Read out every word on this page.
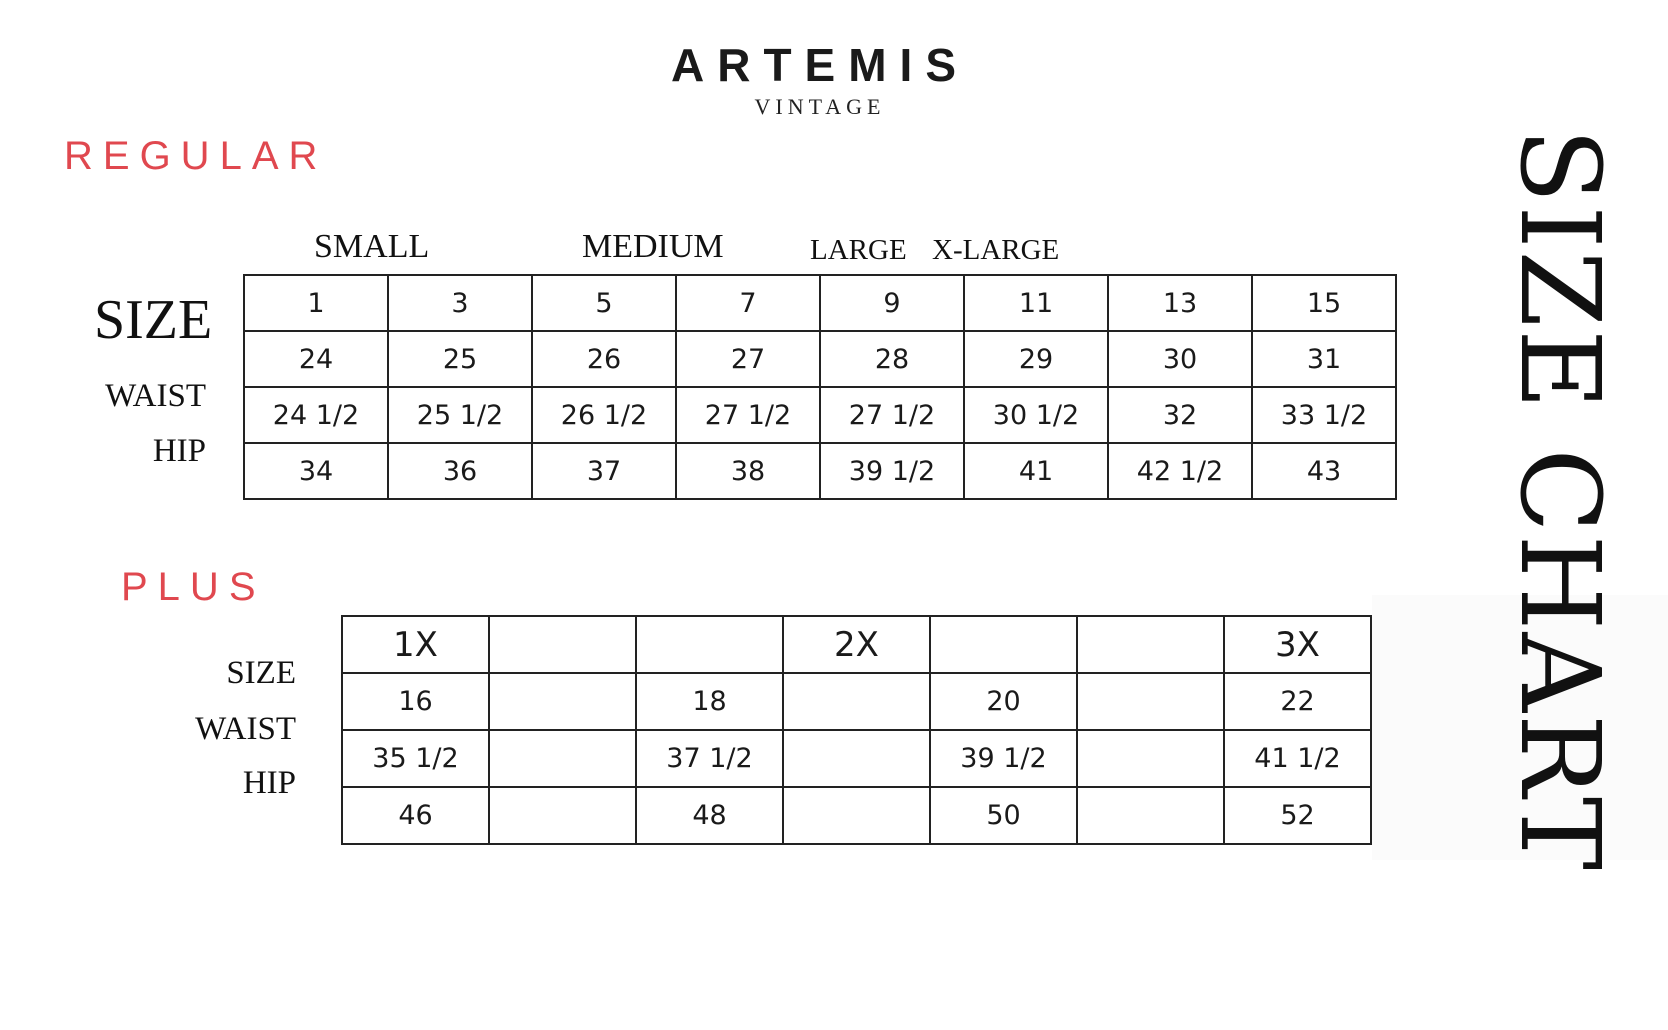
ARTEMIS
VINTAGE
REGULAR
SMALL	MEDIUM	LARGE X-LARGE
SIZE
WAIST
HIP
1	3	5	7	9	11	13	15
24	25	26	27	28	29	30	31
24 1/2	25 1/2	26 1/2	27 1/2	27 1/2	30 1/2	32	33 1/2
34	36	37	38	39 1/2	41	42 1/2	43
PLUS
SIZE
WAIST
HIP
1X			2X			3X
16		18		20		22
35 1/2		37 1/2		39 1/2		41 1/2
46		48		50		52 SIZE CHART
